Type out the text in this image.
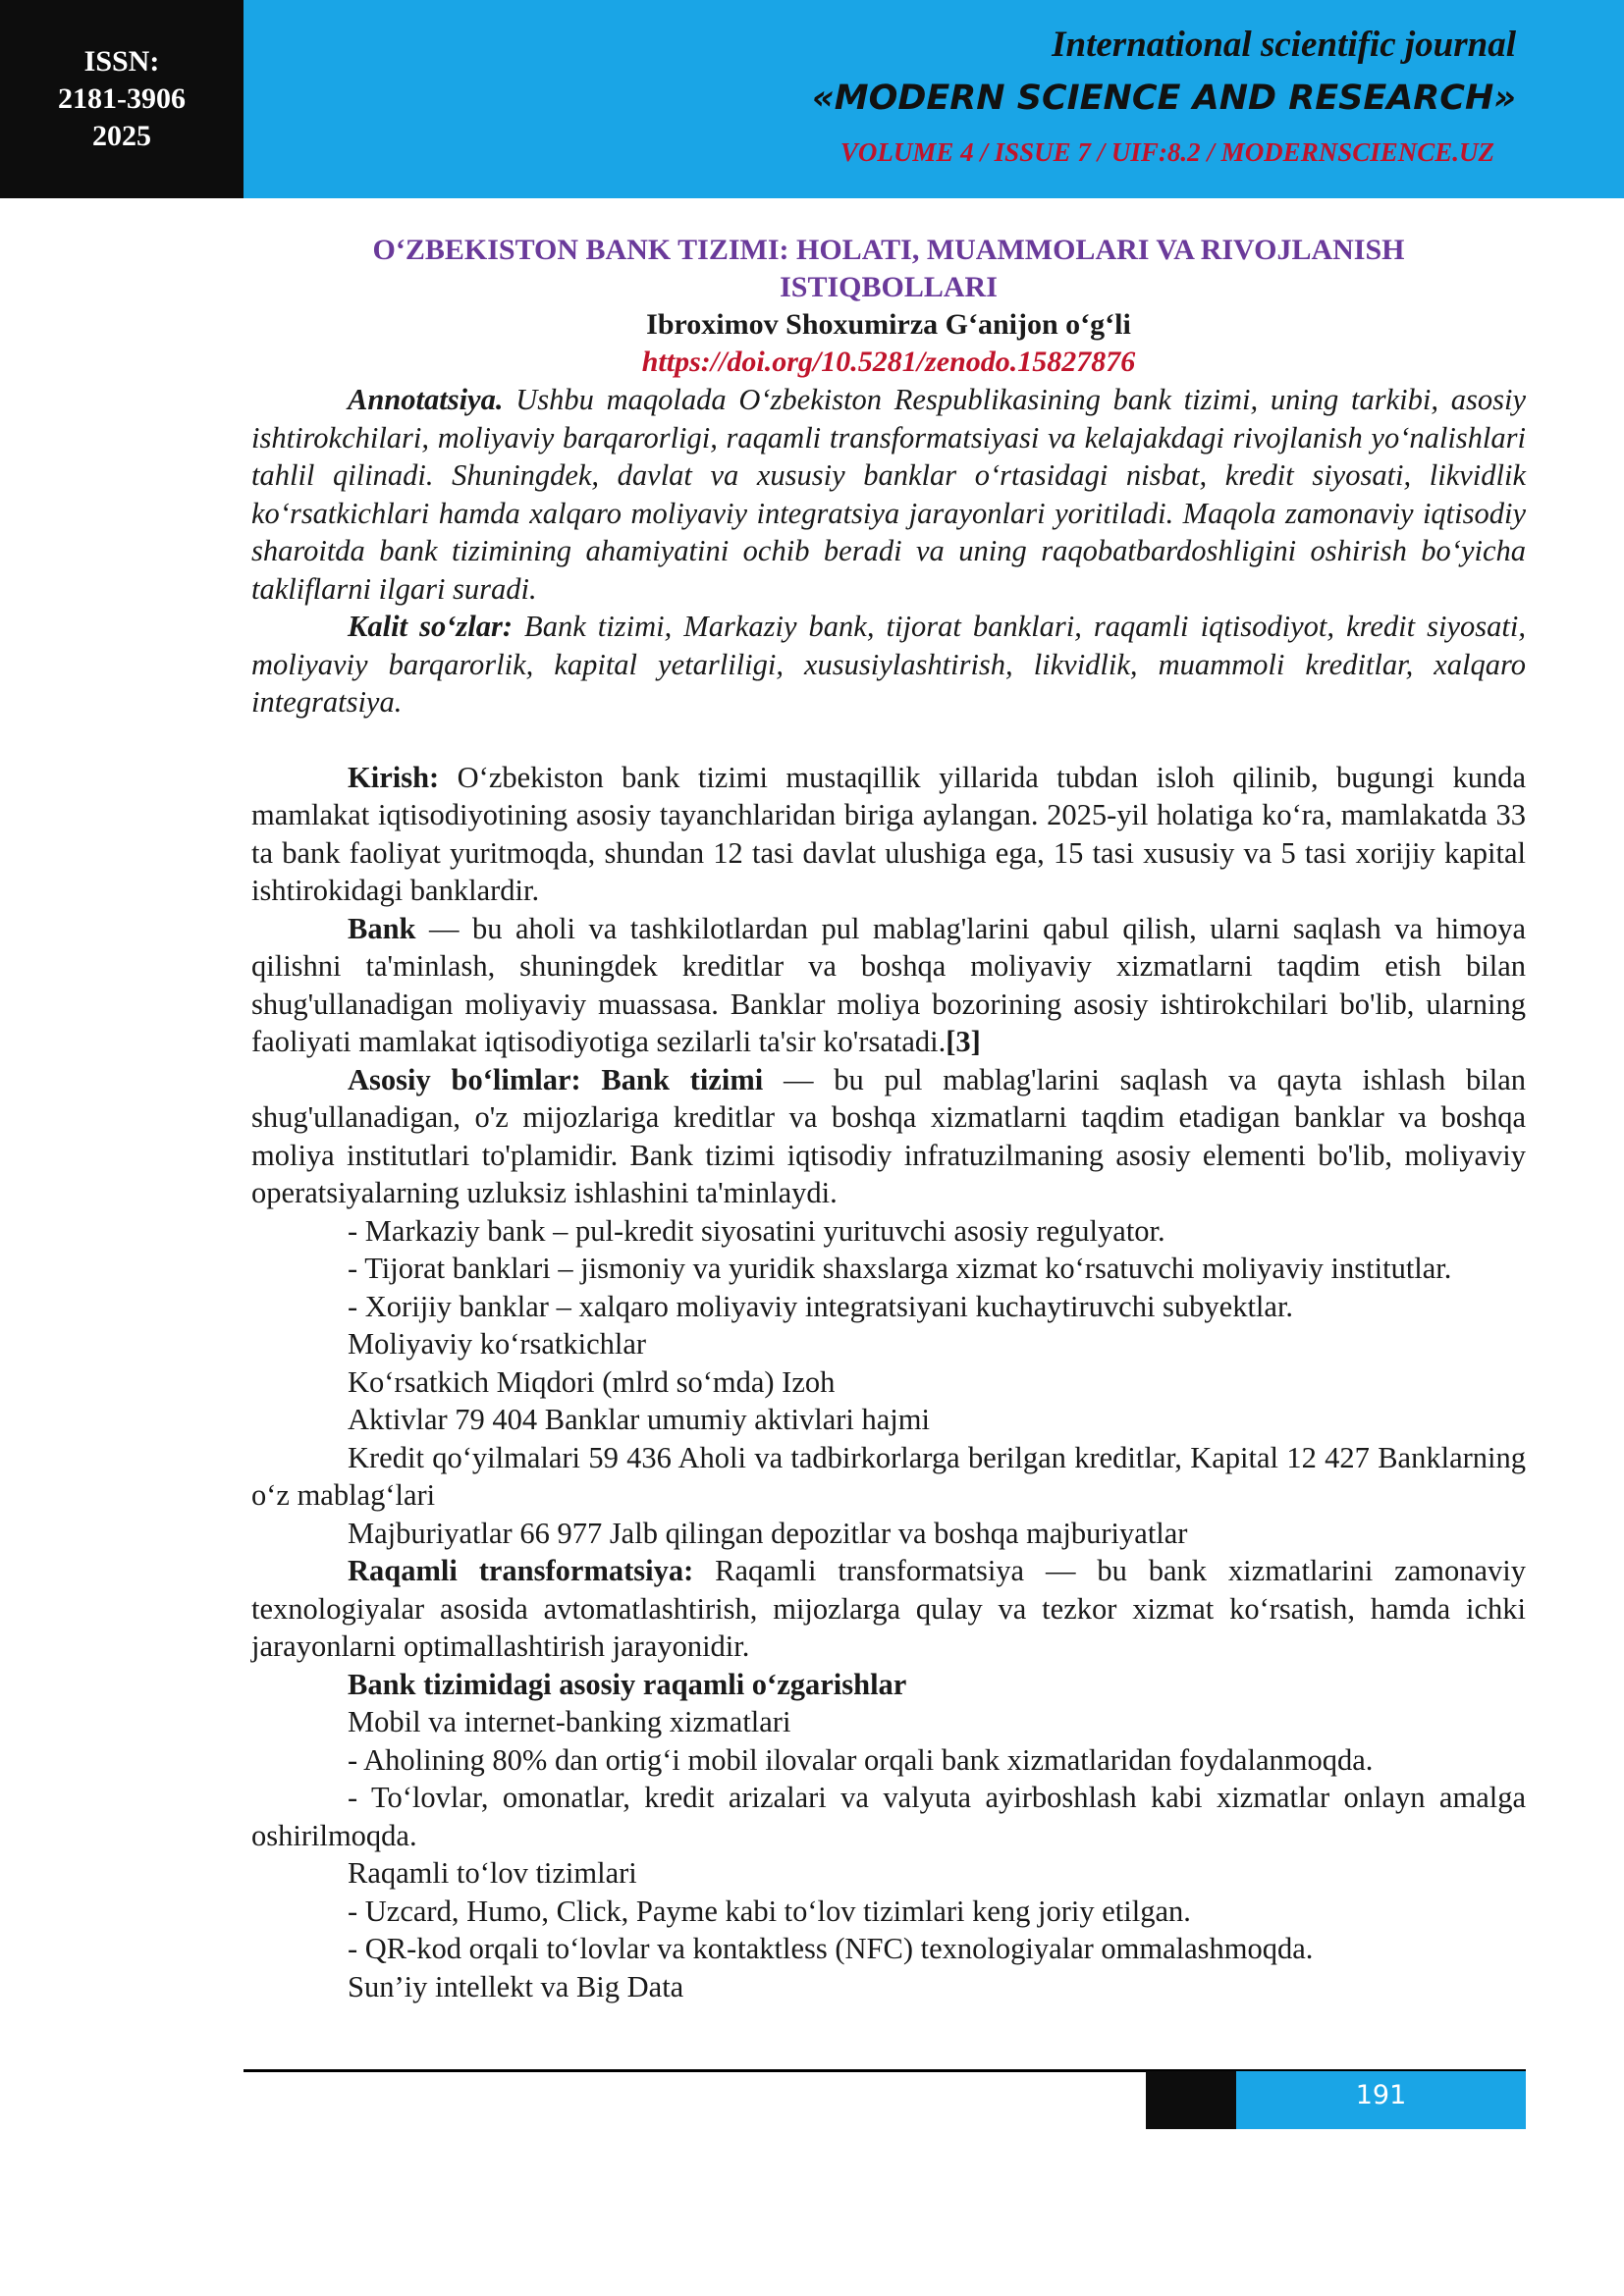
ISSN:
2181-3906
2025
International scientific journal
«MODERN SCIENCE AND RESEARCH»
VOLUME 4 / ISSUE 7 / UIF:8.2 / MODERNSCIENCE.UZ
O‘ZBEKISTON BANK TIZIMI: HOLATI, MUAMMOLARI VA RIVOJLANISH
ISTIQBOLLARI
Ibroximov Shoxumirza G‘anijon o‘g‘li
https://doi.org/10.5281/zenodo.15827876

Annotatsiya. Ushbu maqolada O‘zbekiston Respublikasining bank tizimi, uning tarkibi, asosiy ishtirokchilari, moliyaviy barqarorligi, raqamli transformatsiyasi va kelajakdagi rivojlanish yo‘nalishlari tahlil qilinadi. Shuningdek, davlat va xususiy banklar o‘rtasidagi nisbat, kredit siyosati, likvidlik ko‘rsatkichlari hamda xalqaro moliyaviy integratsiya jarayonlari yoritiladi. Maqola zamonaviy iqtisodiy sharoitda bank tizimining ahamiyatini ochib beradi va uning raqobatbardoshligini oshirish bo‘yicha takliflarni ilgari suradi.

Kalit so‘zlar: Bank tizimi, Markaziy bank, tijorat banklari, raqamli iqtisodiyot, kredit siyosati, moliyaviy barqarorlik, kapital yetarliligi, xususiylashtirish, likvidlik, muammoli kreditlar, xalqaro integratsiya.

Kirish: O‘zbekiston bank tizimi mustaqillik yillarida tubdan isloh qilinib, bugungi kunda mamlakat iqtisodiyotining asosiy tayanchlaridan biriga aylangan. 2025-yil holatiga ko‘ra, mamlakatda 33 ta bank faoliyat yuritmoqda, shundan 12 tasi davlat ulushiga ega, 15 tasi xususiy va 5 tasi xorijiy kapital ishtirokidagi banklardir.

Bank — bu aholi va tashkilotlardan pul mablag'larini qabul qilish, ularni saqlash va himoya qilishni ta'minlash, shuningdek kreditlar va boshqa moliyaviy xizmatlarni taqdim etish bilan shug'ullanadigan moliyaviy muassasa. Banklar moliya bozorining asosiy ishtirokchilari bo'lib, ularning faoliyati mamlakat iqtisodiyotiga sezilarli ta'sir ko'rsatadi.[3]

Asosiy bo‘limlar: Bank tizimi — bu pul mablag'larini saqlash va qayta ishlash bilan shug'ullanadigan, o'z mijozlariga kreditlar va boshqa xizmatlarni taqdim etadigan banklar va boshqa moliya institutlari to'plamidir. Bank tizimi iqtisodiy infratuzilmaning asosiy elementi bo'lib, moliyaviy operatsiyalarning uzluksiz ishlashini ta'minlaydi.

- Markaziy bank – pul-kredit siyosatini yurituvchi asosiy regulyator.

- Tijorat banklari – jismoniy va yuridik shaxslarga xizmat ko‘rsatuvchi moliyaviy institutlar.

- Xorijiy banklar – xalqaro moliyaviy integratsiyani kuchaytiruvchi subyektlar.

Moliyaviy ko‘rsatkichlar

Ko‘rsatkich Miqdori (mlrd so‘mda) Izoh

Aktivlar 79 404 Banklar umumiy aktivlari hajmi

Kredit qo‘yilmalari 59 436 Aholi va tadbirkorlarga berilgan kreditlar, Kapital 12 427 Banklarning o‘z mablag‘lari

Majburiyatlar 66 977 Jalb qilingan depozitlar va boshqa majburiyatlar

Raqamli transformatsiya: Raqamli transformatsiya — bu bank xizmatlarini zamonaviy texnologiyalar asosida avtomatlashtirish, mijozlarga qulay va tezkor xizmat ko‘rsatish, hamda ichki jarayonlarni optimallashtirish jarayonidir.

Bank tizimidagi asosiy raqamli o‘zgarishlar

Mobil va internet-banking xizmatlari

- Aholining 80% dan ortig‘i mobil ilovalar orqali bank xizmatlaridan foydalanmoqda.

- To‘lovlar, omonatlar, kredit arizalari va valyuta ayirboshlash kabi xizmatlar onlayn amalga oshirilmoqda.

Raqamli to‘lov tizimlari

- Uzcard, Humo, Click, Payme kabi to‘lov tizimlari keng joriy etilgan.

- QR-kod orqali to‘lovlar va kontaktless (NFC) texnologiyalar ommalashmoqda.

Sun’iy intellekt va Big Data

191
